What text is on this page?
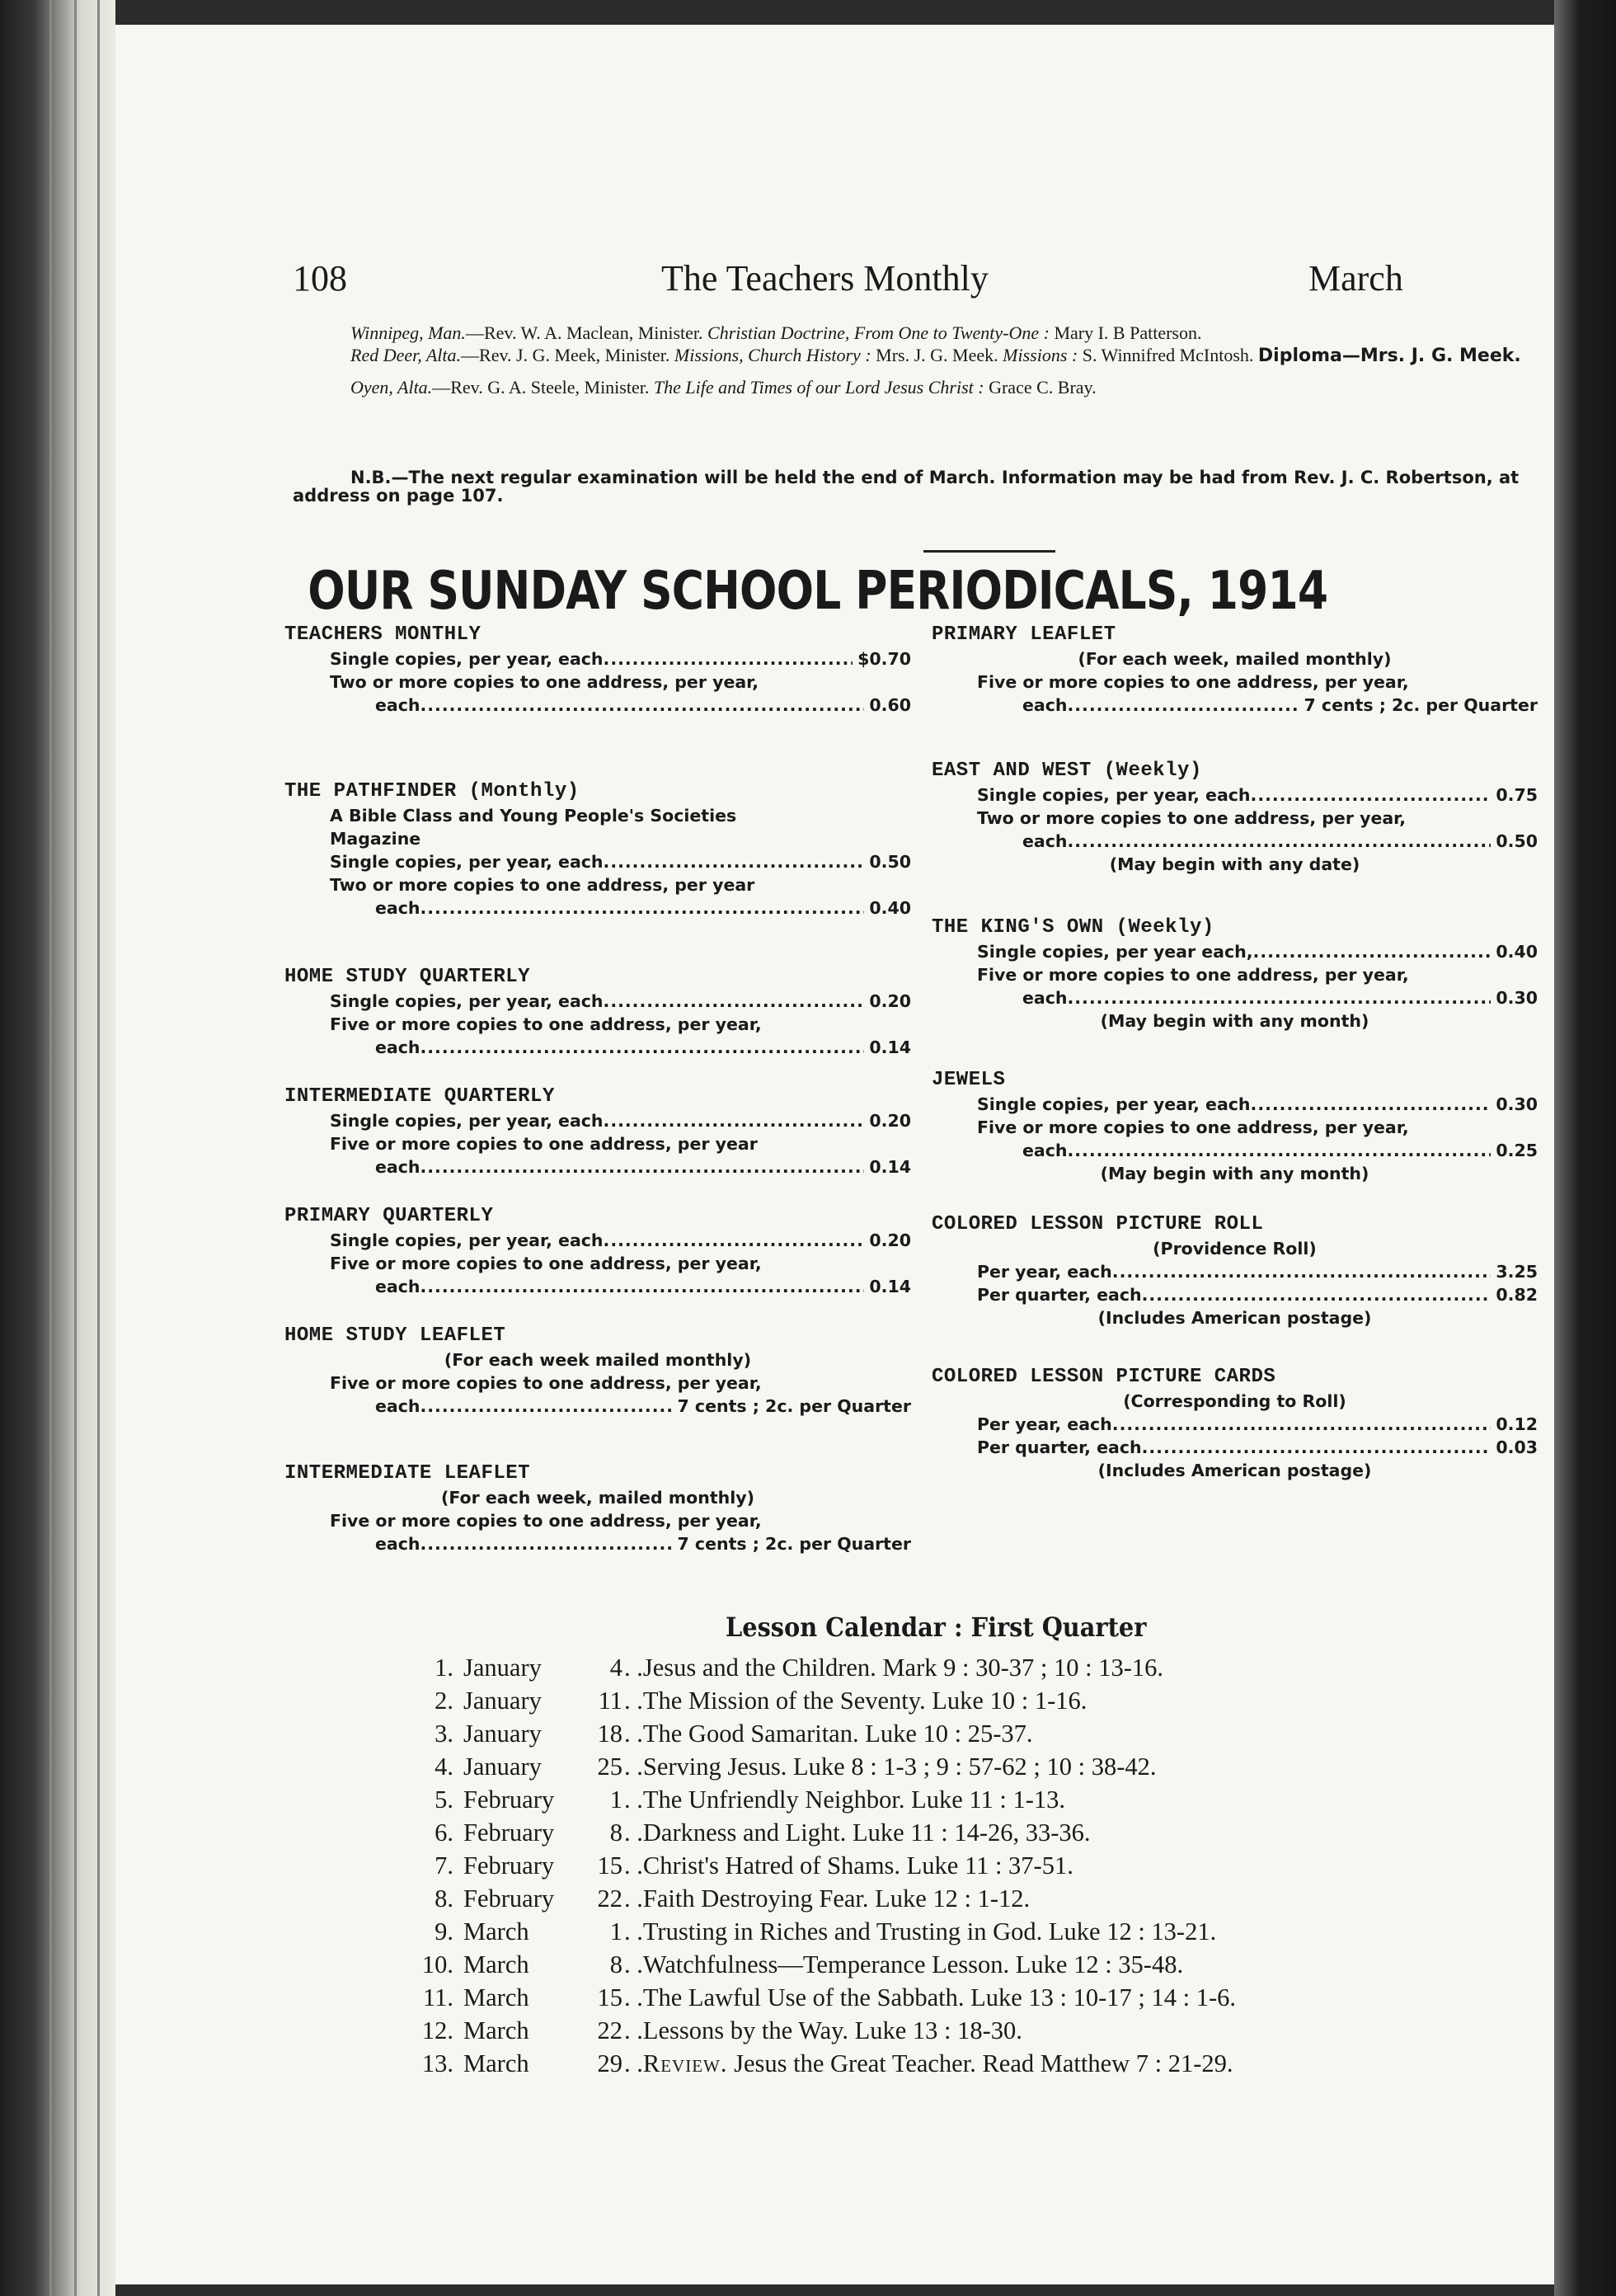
108	The Teachers Monthly	March

Winnipeg, Man.—Rev. W. A. Maclean, Minister. Christian Doctrine, From One to Twenty-One : Mary I. B Patterson.

Red Deer, Alta.—Rev. J. G. Meek, Minister. Missions, Church History : Mrs. J. G. Meek. Missions : S. Winnifred McIntosh. Diploma—Mrs. J. G. Meek.

Oyen, Alta.—Rev. G. A. Steele, Minister. The Life and Times of our Lord Jesus Christ : Grace C. Bray.

N.B.—The next regular examination will be held the end of March. Information may be had from Rev. J. C. Robertson, at address on page 107.
OUR SUNDAY SCHOOL PERIODICALS, 1914
TEACHERS MONTHLY
Single copies, per year, each .....	$0.70
Two or more copies to one address, per year,
each .....	0.60
THE PATHFINDER (Monthly)
A Bible Class and Young People's Societies
Magazine
Single copies, per year, each .....	0.50
Two or more copies to one address, per year
each .....	0.40
HOME STUDY QUARTERLY
Single copies, per year, each .....	0.20
Five or more copies to one address, per year,
each .....	0.14
INTERMEDIATE QUARTERLY
Single copies, per year, each .....	0.20
Five or more copies to one address, per year
each .....	0.14
PRIMARY QUARTERLY
Single copies, per year, each .....	0.20
Five or more copies to one address, per year,
each .....	0.14
HOME STUDY LEAFLET
(For each week mailed monthly)
Five or more copies to one address, per year,
each .....	7 cents ; 2c. per Quarter
INTERMEDIATE LEAFLET
(For each week, mailed monthly)
Five or more copies to one address, per year,
each .....	7 cents ; 2c. per Quarter
PRIMARY LEAFLET
(For each week, mailed monthly)
Five or more copies to one address, per year,
each .....	7 cents ; 2c. per Quarter
EAST AND WEST (Weekly)
Single copies, per year, each .....	0.75
Two or more copies to one address, per year,
each .....	0.50
(May begin with any date)
THE KING'S OWN (Weekly)
Single copies, per year each, .....	0.40
Five or more copies to one address, per year,
each .....	0.30
(May begin with any month)
JEWELS
Single copies, per year, each .....	0.30
Five or more copies to one address, per year,
each .....	0.25
(May begin with any month)
COLORED LESSON PICTURE ROLL
(Providence Roll)
Per year, each .....	3.25
Per quarter, each .....	0.82
(Includes American postage)
COLORED LESSON PICTURE CARDS
(Corresponding to Roll)
Per year, each .....	0.12
Per quarter, each .....	0.03
(Includes American postage)
Lesson Calendar : First Quarter
1. January	4 . .Jesus and the Children. Mark 9 : 30-37 ; 10 : 13-16.
2. January	11 . .The Mission of the Seventy. Luke 10 : 1-16.
3. January	18 . .The Good Samaritan. Luke 10 : 25-37.
4. January	25 . .Serving Jesus. Luke 8 : 1-3 ; 9 : 57-62 ; 10 : 38-42.
5. February	1 . .The Unfriendly Neighbor. Luke 11 : 1-13.
6. February	8 . .Darkness and Light. Luke 11 : 14-26, 33-36.
7. February	15 . .Christ's Hatred of Shams. Luke 11 : 37-51.
8. February	22 . .Faith Destroying Fear. Luke 12 : 1-12.
9. March	1 . .Trusting in Riches and Trusting in God. Luke 12 : 13-21.
10. March	8 . .Watchfulness—Temperance Lesson. Luke 12 : 35-48.
11. March	15 . .The Lawful Use of the Sabbath. Luke 13 : 10-17 ; 14 : 1-6.
12. March	22 . .Lessons by the Way. Luke 13 : 18-30.
13. March	29 . .Review. Jesus the Great Teacher. Read Matthew 7 : 21-29.
